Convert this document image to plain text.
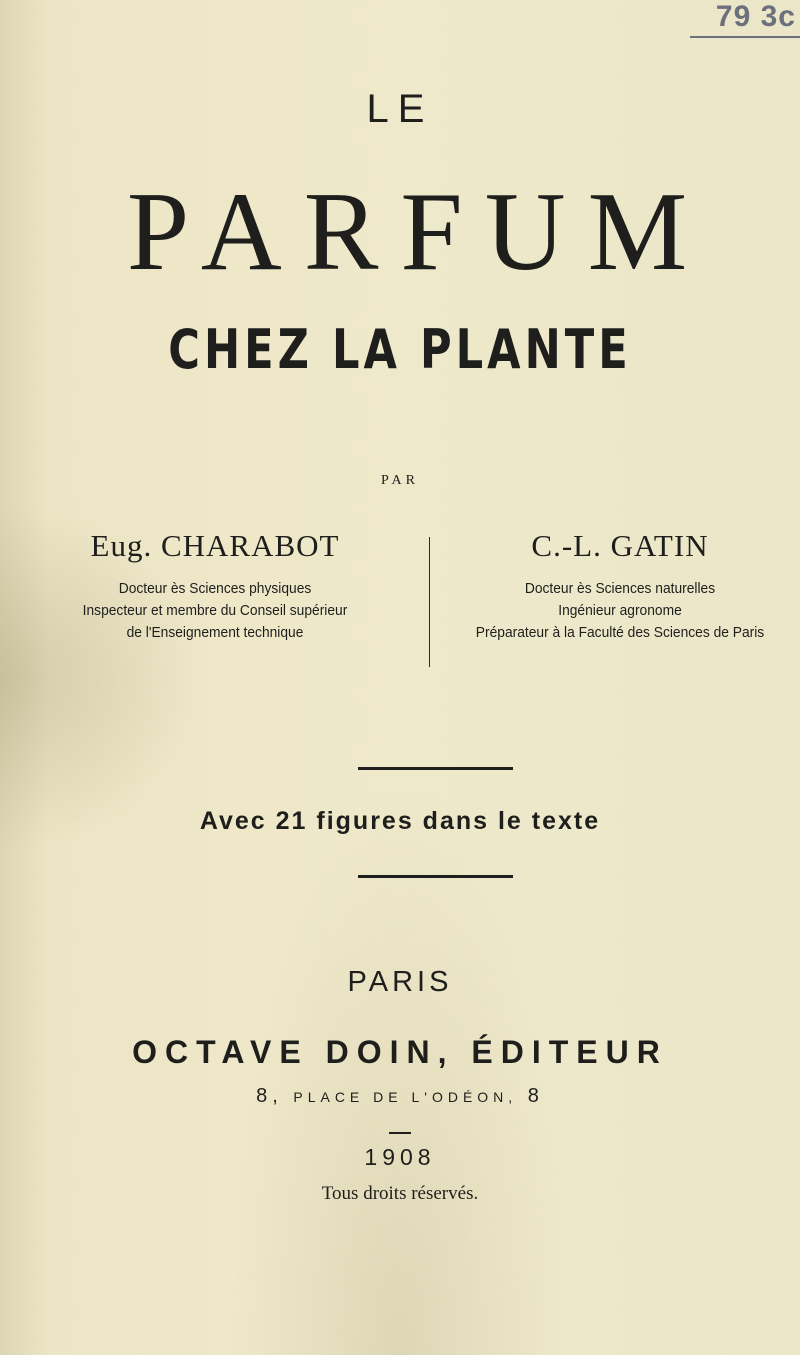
79 3c
LE
PARFUM
CHEZ LA PLANTE
PAR
Eug. CHARABOT
Docteur ès Sciences physiques
Inspecteur et membre du Conseil supérieur
de l'Enseignement technique
C.-L. GATIN
Docteur ès Sciences naturelles
Ingénieur agronome
Préparateur à la Faculté des Sciences de Paris
Avec 21 figures dans le texte
PARIS
OCTAVE DOIN, ÉDITEUR
8, PLACE DE L'ODÉON, 8
1908
Tous droits réservés.
